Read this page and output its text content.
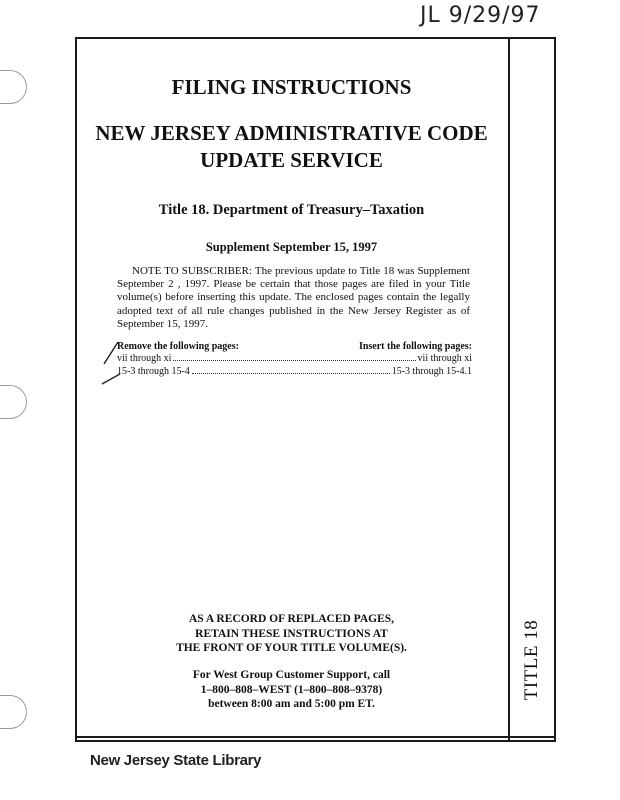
JL 9/29/97
FILING INSTRUCTIONS
NEW JERSEY ADMINISTRATIVE CODE
UPDATE SERVICE
Title 18. Department of Treasury–Taxation
Supplement September 15, 1997
NOTE TO SUBSCRIBER: The previous update to Title 18 was Supplement September 2 , 1997. Please be certain that those pages are filed in your Title volume(s) before inserting this update. The enclosed pages contain the legally adopted text of all rule changes published in the New Jersey Register as of September 15, 1997.
Remove the following pages:	Insert the following pages:
vii through xi	vii through xi
15-3 through 15-4	15-3 through 15-4.1
AS A RECORD OF REPLACED PAGES,
RETAIN THESE INSTRUCTIONS AT
THE FRONT OF YOUR TITLE VOLUME(S).
For West Group Customer Support, call
1–800–808–WEST (1–800–808–9378)
between 8:00 am and 5:00 pm ET.
TITLE 18
New Jersey State Library
